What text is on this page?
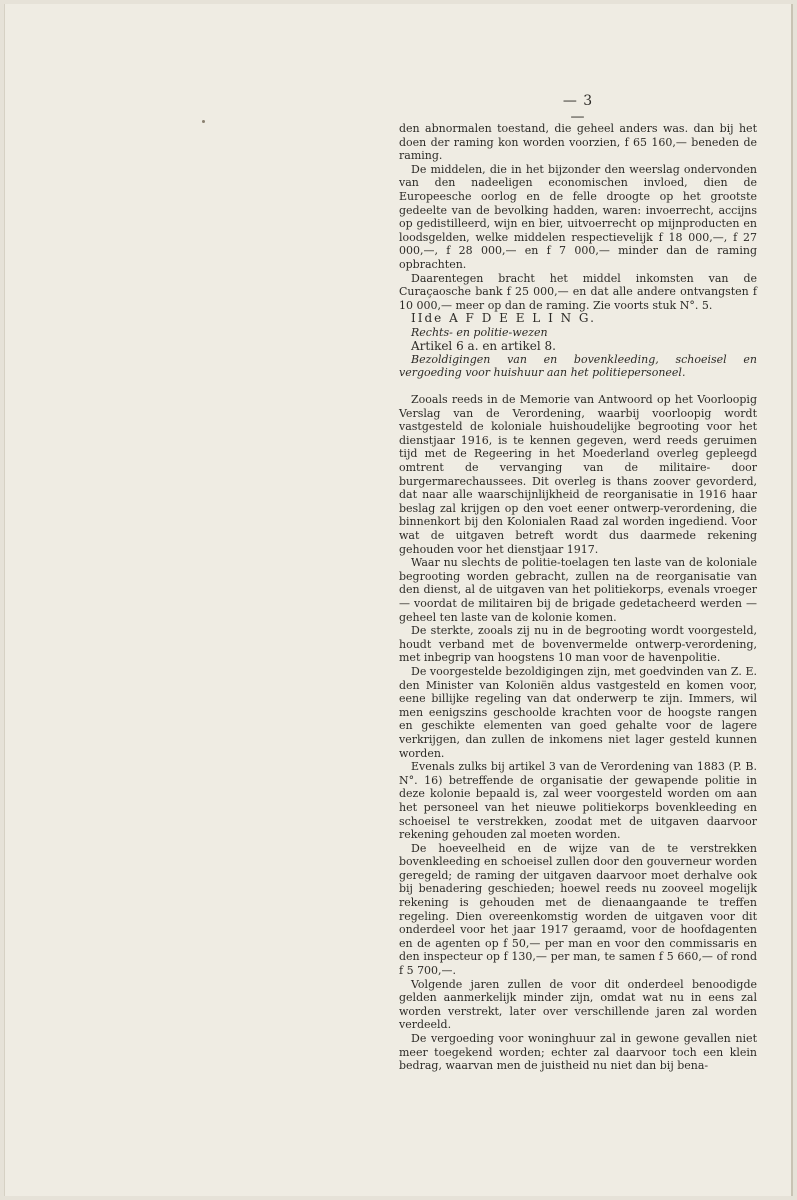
— 3 —

den abnormalen toestand, die geheel anders was. dan bij het doen der raming kon worden voorzien, f 65 160,— beneden de raming.

De middelen, die in het bijzonder den weerslag ondervonden van den nadeeligen economischen invloed, dien de Europeesche oorlog en de felle droogte op het grootste gedeelte van de bevolking hadden, waren: invoerrecht, accijns op gedistilleerd, wijn en bier, uitvoerrecht op mijnproducten en loodsgelden, welke middelen respectievelijk f 18 000,—, f 27 000,—, f 28 000,— en f 7 000,— minder dan de raming opbrachten.

Daarentegen bracht het middel inkomsten van de Curaçaosche bank f 25 000,— en dat alle andere ontvangsten f 10 000,— meer op dan de raming. Zie voorts stuk N°. 5.

IIde A F D E E L I N G.

Rechts- en politie-wezen

Artikel 6 a. en artikel 8.

Bezoldigingen van en bovenkleeding, schoeisel en vergoeding voor huishuur aan het politiepersoneel.

Zooals reeds in de Memorie van Antwoord op het Voorloopig Verslag van de Verordening, waarbij voorloopig wordt vastgesteld de koloniale huishoudelijke begrooting voor het dienstjaar 1916, is te kennen gegeven, werd reeds geruimen tijd met de Regeering in het Moederland overleg gepleegd omtrent de vervanging van de militaire- door burgermarechaussees. Dit overleg is thans zoover gevorderd, dat naar alle waarschijnlijkheid de reorganisatie in 1916 haar beslag zal krijgen op den voet eener ontwerp-verordening, die binnenkort bij den Kolonialen Raad zal worden ingediend. Voor wat de uitgaven betreft wordt dus daarmede rekening gehouden voor het dienstjaar 1917.

Waar nu slechts de politie-toelagen ten laste van de koloniale begrooting worden gebracht, zullen na de reorganisatie van den dienst, al de uitgaven van het politiekorps, evenals vroeger — voordat de militairen bij de brigade gedetacheerd werden — geheel ten laste van de kolonie komen.

De sterkte, zooals zij nu in de begrooting wordt voorgesteld, houdt verband met de bovenvermelde ontwerp-verordening, met inbegrip van hoogstens 10 man voor de havenpolitie.

De voorgestelde bezoldigingen zijn, met goedvinden van Z. E. den Minister van Koloniën aldus vastgesteld en komen voor, eene billijke regeling van dat onderwerp te zijn. Immers, wil men eenigszins geschoolde krachten voor de hoogste rangen en geschikte elementen van goed gehalte voor de lagere verkrijgen, dan zullen de inkomens niet lager gesteld kunnen worden.

Evenals zulks bij artikel 3 van de Verordening van 1883 (P. B. N°. 16) betreffende de organisatie der gewapende politie in deze kolonie bepaald is, zal weer voorgesteld worden om aan het personeel van het nieuwe politiekorps bovenkleeding en schoeisel te verstrekken, zoodat met de uitgaven daarvoor rekening gehouden zal moeten worden.

De hoeveelheid en de wijze van de te verstrekken bovenkleeding en schoeisel zullen door den gouverneur worden geregeld; de raming der uitgaven daarvoor moet derhalve ook bij benadering geschieden; hoewel reeds nu zooveel mogelijk rekening is gehouden met de dienaangaande te treffen regeling. Dien overeenkomstig worden de uitgaven voor dit onderdeel voor het jaar 1917 geraamd, voor de hoofdagenten en de agenten op f 50,— per man en voor den commissaris en den inspecteur op f 130,— per man, te samen f 5 660,— of rond f 5 700,—.

Volgende jaren zullen de voor dit onderdeel benoodigde gelden aanmerkelijk minder zijn, omdat wat nu in eens zal worden verstrekt, later over verschillende jaren zal worden verdeeld.

De vergoeding voor woninghuur zal in gewone gevallen niet meer toegekend worden; echter zal daarvoor toch een klein bedrag, waarvan men de juistheid nu niet dan bij bena-
